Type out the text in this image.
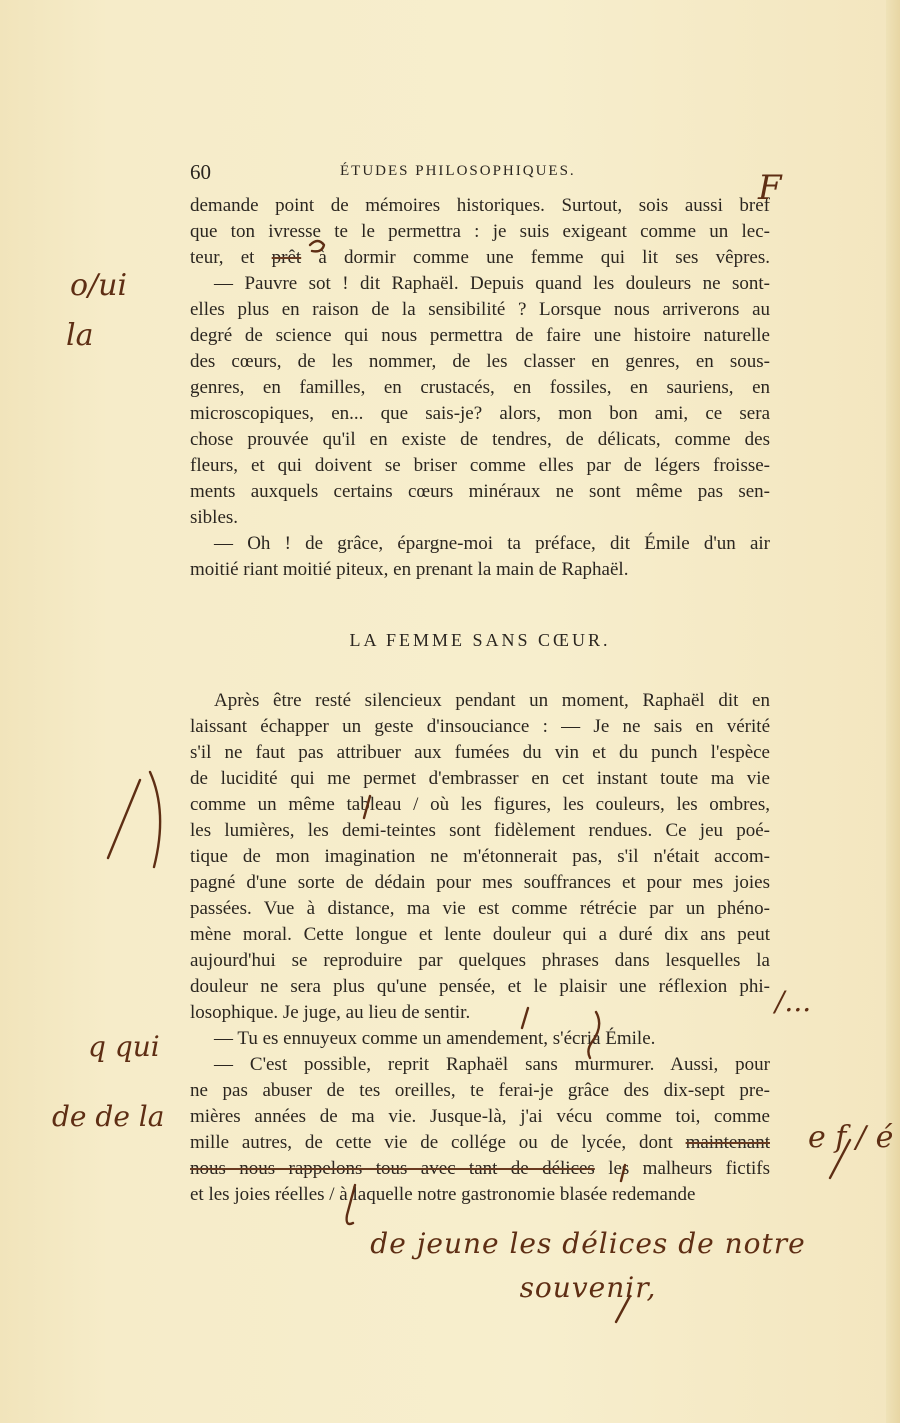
60	ÉTUDES PHILOSOPHIQUES.
demande point de mémoires historiques. Surtout, sois aussi bref
que ton ivresse te le permettra : je suis exigeant comme un lec-
teur, et prêt à dormir comme une femme qui lit ses vêpres.
— Pauvre sot ! dit Raphaël. Depuis quand les douleurs ne sont-
elles plus en raison de la sensibilité ? Lorsque nous arriverons au
degré de science qui nous permettra de faire une histoire naturelle
des cœurs, de les nommer, de les classer en genres, en sous-
genres, en familles, en crustacés, en fossiles, en sauriens, en
microscopiques, en... que sais-je? alors, mon bon ami, ce sera
chose prouvée qu'il en existe de tendres, de délicats, comme des
fleurs, et qui doivent se briser comme elles par de légers froisse-
ments auxquels certains cœurs minéraux ne sont même pas sen-
sibles.
— Oh ! de grâce, épargne-moi ta préface, dit Émile d'un air
moitié riant moitié piteux, en prenant la main de Raphaël.
LA FEMME SANS CŒUR.
Après être resté silencieux pendant un moment, Raphaël dit en
laissant échapper un geste d'insouciance : — Je ne sais en vérité
s'il ne faut pas attribuer aux fumées du vin et du punch l'espèce
de lucidité qui me permet d'embrasser en cet instant toute ma vie
comme un même tableau / où les figures, les couleurs, les ombres,
les lumières, les demi-teintes sont fidèlement rendues. Ce jeu poé-
tique de mon imagination ne m'étonnerait pas, s'il n'était accom-
pagné d'une sorte de dédain pour mes souffrances et pour mes joies
passées. Vue à distance, ma vie est comme rétrécie par un phéno-
mène moral. Cette longue et lente douleur qui a duré dix ans peut
aujourd'hui se reproduire par quelques phrases dans lesquelles la
douleur ne sera plus qu'une pensée, et le plaisir une réflexion phi-
losophique. Je juge, au lieu de sentir.
— Tu es ennuyeux comme un amendement, s'écria Émile.
— C'est possible, reprit Raphaël sans murmurer. Aussi, pour
ne pas abuser de tes oreilles, te ferai-je grâce des dix-sept pre-
mières années de ma vie. Jusque-là, j'ai vécu comme toi, comme
mille autres, de cette vie de collége ou de lycée, dont maintenant
nous nous rappelons tous avec tant de délices les malheurs fictifs
et les joies réelles / à laquelle notre gastronomie blasée redemande
F
o/ui
la
/...
q qui
de de la
e f / é
de jeune les délices de notre souvenir,
